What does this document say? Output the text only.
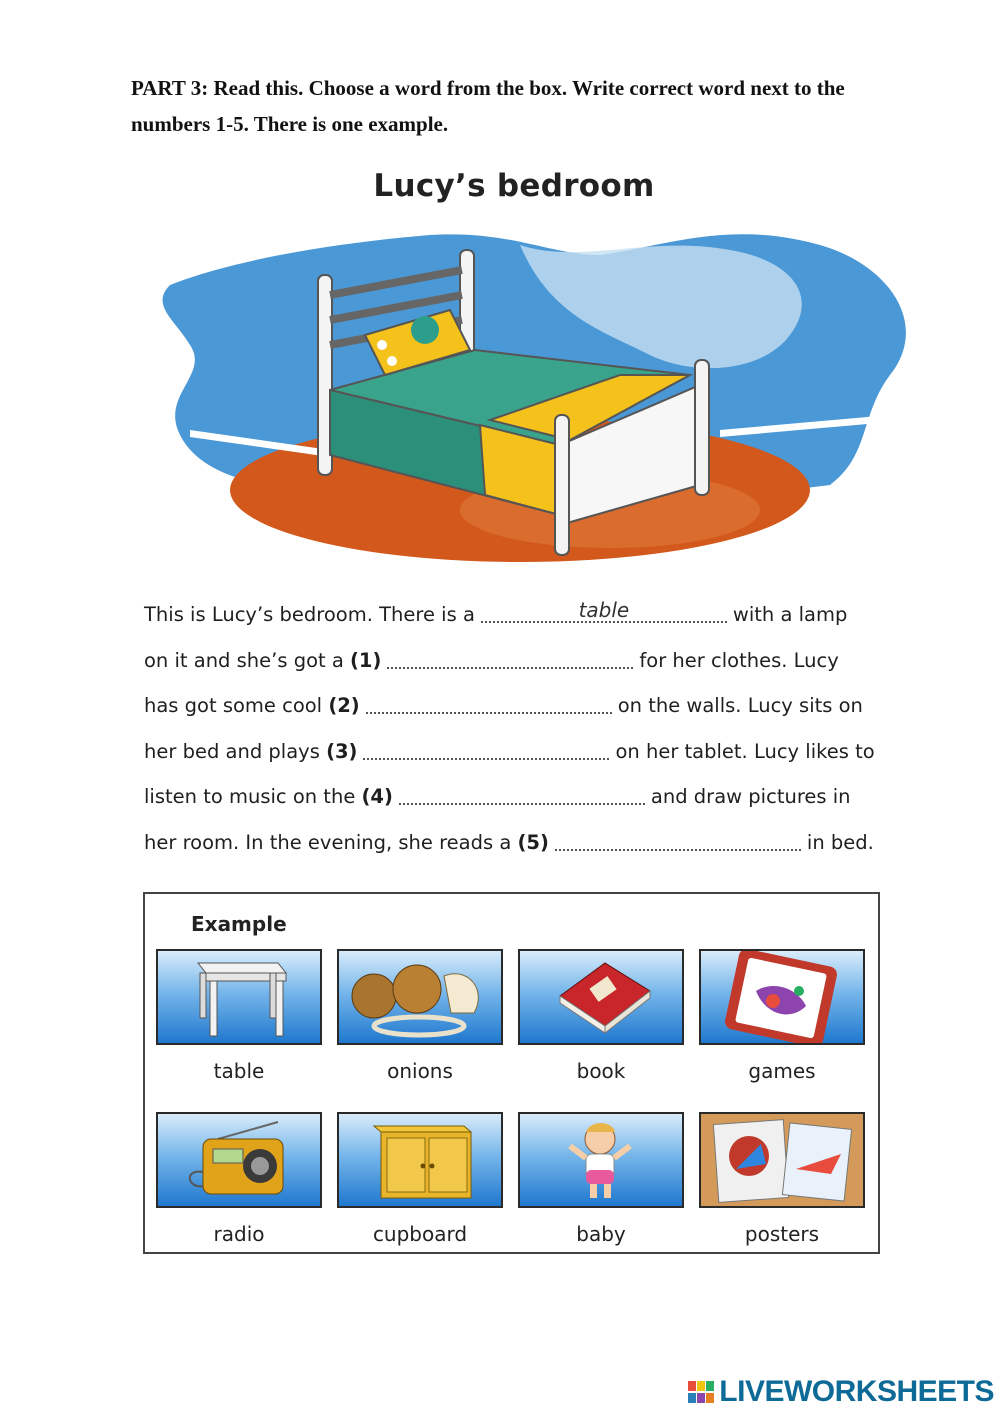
PART 3: Read this. Choose a word from the box. Write correct word next to the numbers 1-5. There is one example.
Lucy’s bedroom
This is Lucy’s bedroom. There is a	table	with a lamp
on it and she’s got a (1)	for her clothes. Lucy
has got some cool (2)	on the walls. Lucy sits on
her bed and plays (3)	on her tablet. Lucy likes to
listen to music on the (4)	and draw pictures in
her room. In the evening, she reads a (5)	in bed.
Example
table	onions	book	games
radio	cupboard	baby	posters
LIVEWORKSHEETS
